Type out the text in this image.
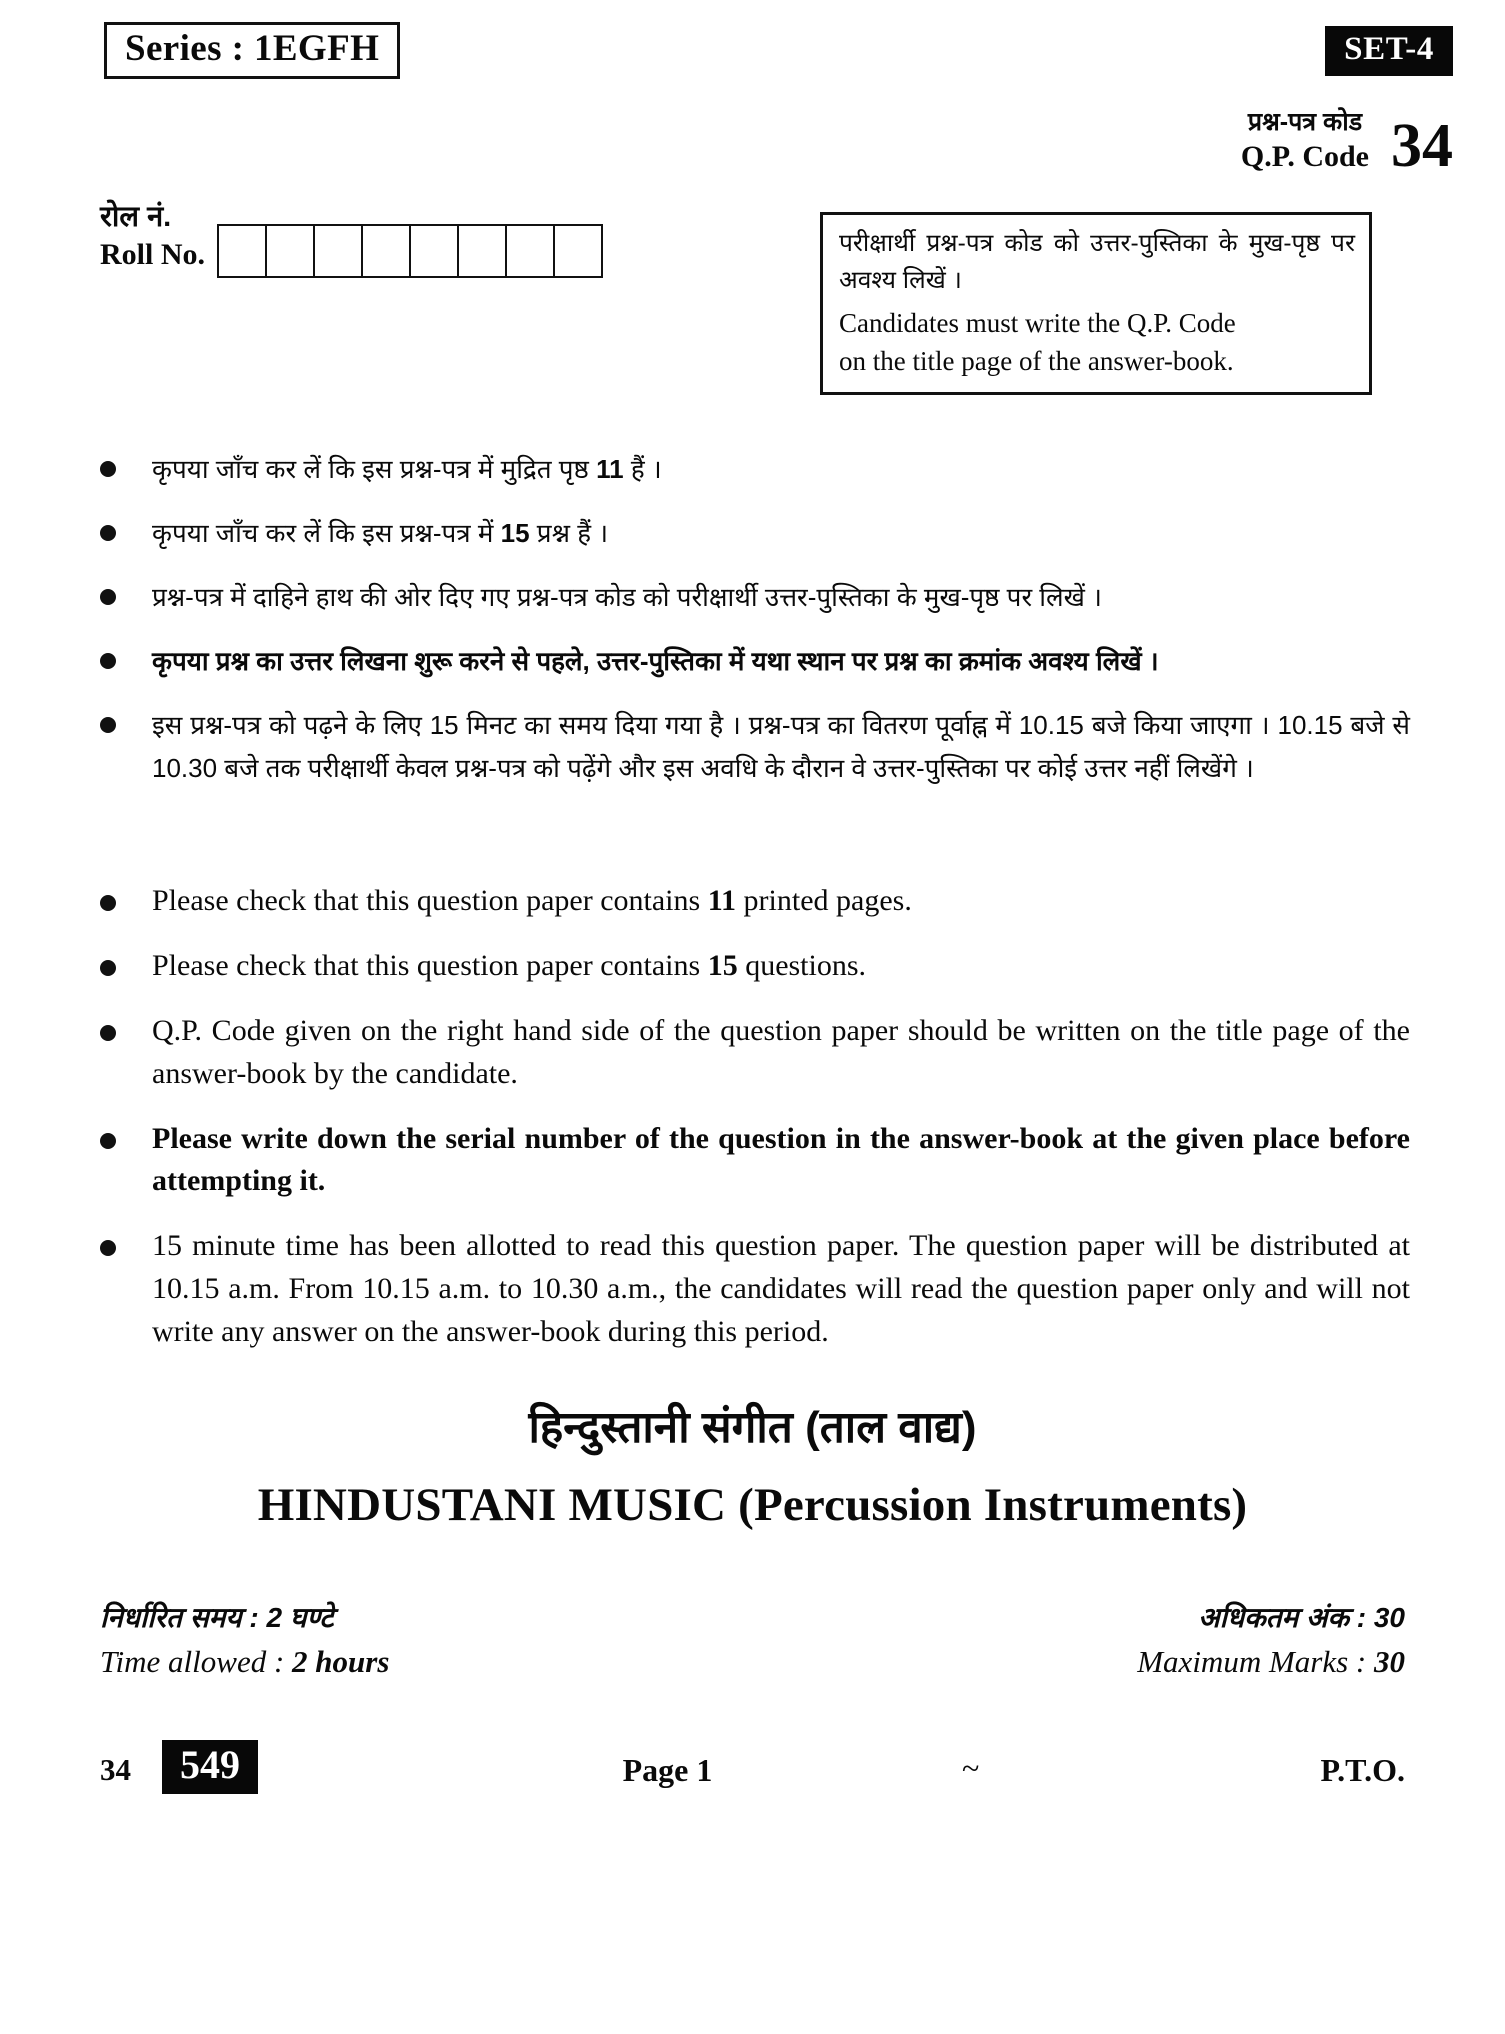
Series : 1EGFH	SET-4
प्रश्न-पत्र कोड
Q.P. Code 34
रोल नं.
Roll No.	परीक्षार्थी प्रश्न-पत्र कोड को उत्तर-पुस्तिका के मुख-पृष्ठ पर अवश्य लिखें ।
Candidates must write the Q.P. Code
on the title page of the answer-book.
कृपया जाँच कर लें कि इस प्रश्न-पत्र में मुद्रित पृष्ठ 11 हैं ।
कृपया जाँच कर लें कि इस प्रश्न-पत्र में 15 प्रश्न हैं ।
प्रश्न-पत्र में दाहिने हाथ की ओर दिए गए प्रश्न-पत्र कोड को परीक्षार्थी उत्तर-पुस्तिका के मुख-पृष्ठ पर लिखें ।
कृपया प्रश्न का उत्तर लिखना शुरू करने से पहले, उत्तर-पुस्तिका में यथा स्थान पर प्रश्न का क्रमांक अवश्य लिखें ।
इस प्रश्न-पत्र को पढ़ने के लिए 15 मिनट का समय दिया गया है । प्रश्न-पत्र का वितरण पूर्वाह्न में 10.15 बजे किया जाएगा । 10.15 बजे से 10.30 बजे तक परीक्षार्थी केवल प्रश्न-पत्र को पढ़ेंगे और इस अवधि के दौरान वे उत्तर-पुस्तिका पर कोई उत्तर नहीं लिखेंगे ।
Please check that this question paper contains 11 printed pages.
Please check that this question paper contains 15 questions.
Q.P. Code given on the right hand side of the question paper should be written on the title page of the answer-book by the candidate.
Please write down the serial number of the question in the answer-book at the given place before attempting it.
15 minute time has been allotted to read this question paper. The question paper will be distributed at 10.15 a.m. From 10.15 a.m. to 10.30 a.m., the candidates will read the question paper only and will not write any answer on the answer-book during this period.
हिन्दुस्तानी संगीत (ताल वाद्य)
HINDUSTANI MUSIC (Percussion Instruments)
निर्धारित समय : 2 घण्टे
Time allowed : 2 hours
अधिकतम अंक : 30
Maximum Marks : 30
34	549	Page 1	~	P.T.O.
